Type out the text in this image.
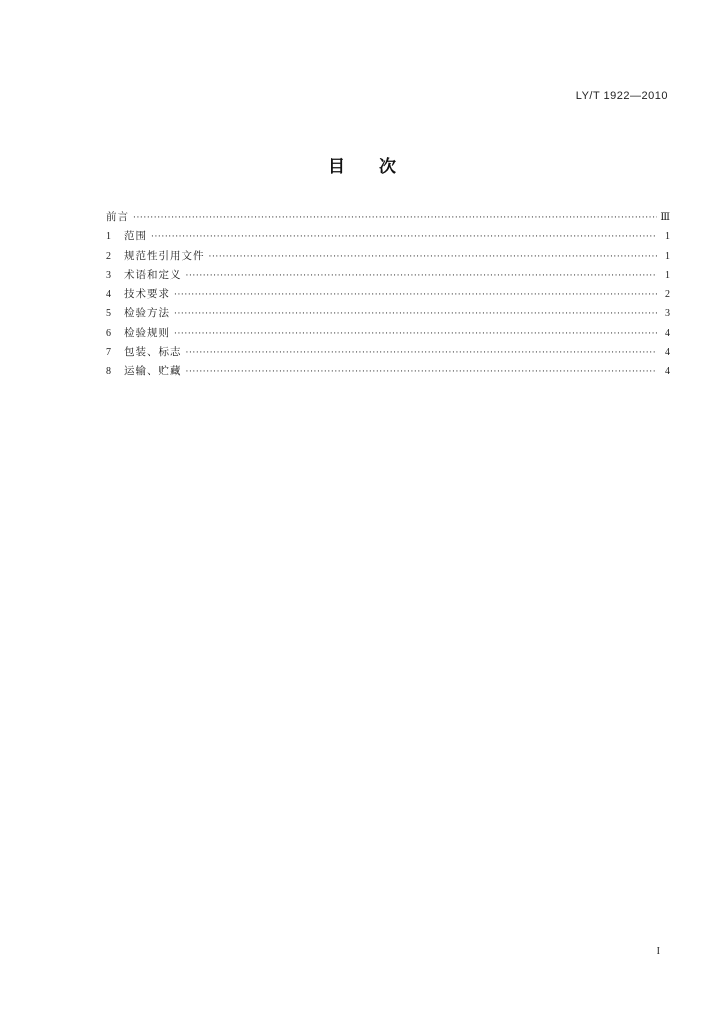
LY/T 1922—2010
目次
前言 ·····	Ⅲ
1	范围 ·····	1
2	规范性引用文件 ·····	1
3	术语和定义 ·····	1
4	技术要求 ·····	2
5	检验方法 ·····	3
6	检验规则 ·····	4
7	包装、标志 ·····	4
8	运输、贮藏 ·····	4
I
